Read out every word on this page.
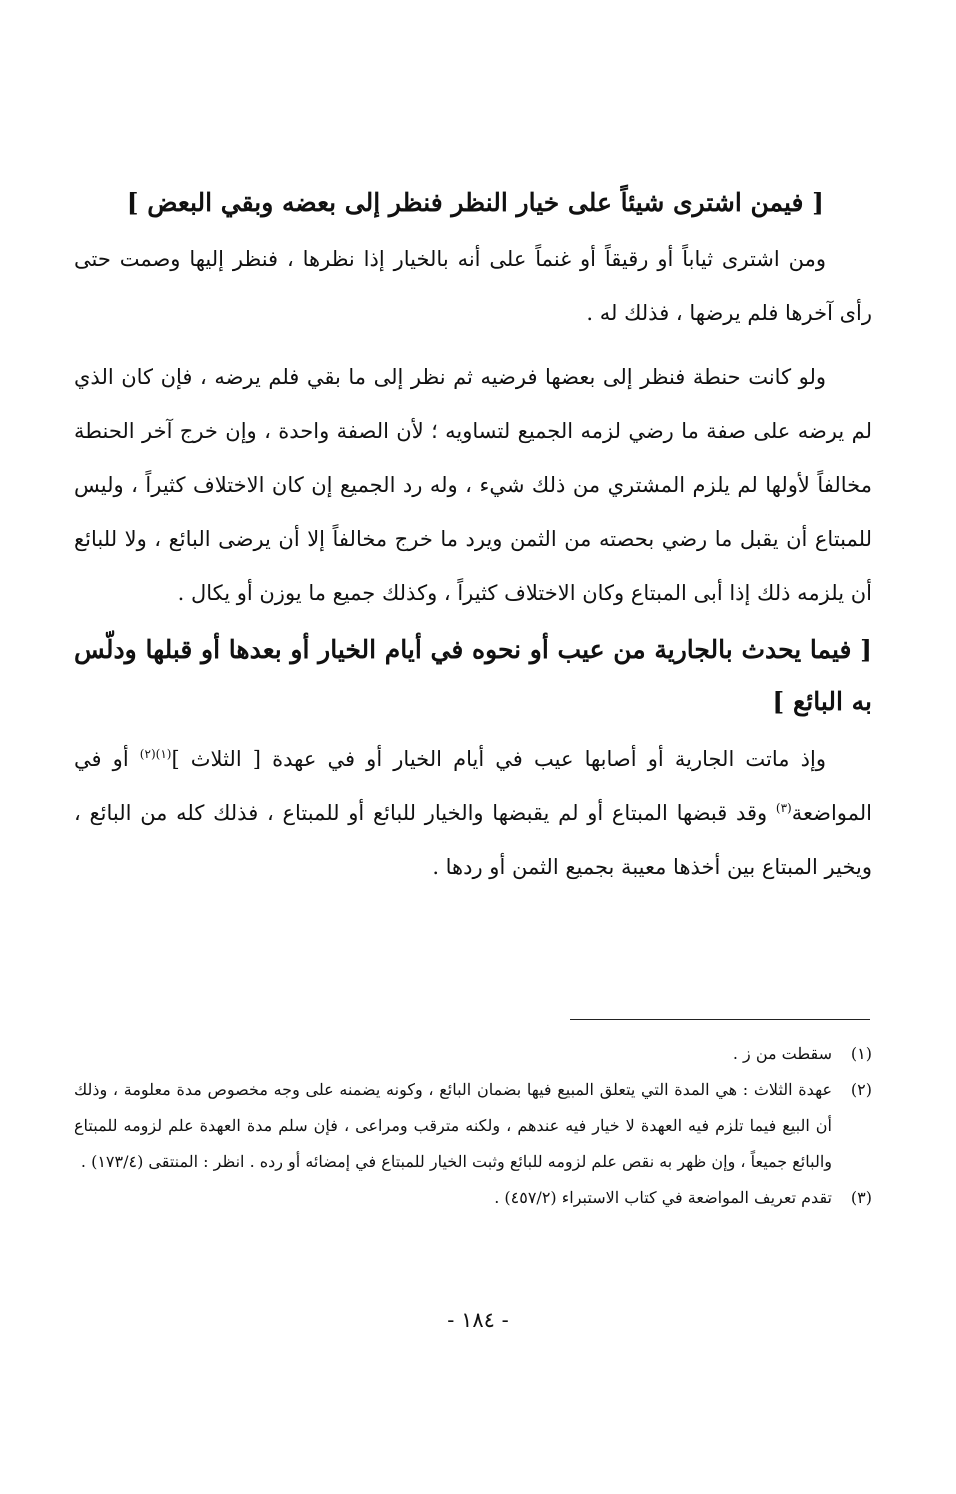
[ فيمن اشترى شيئاً على خيار النظر فنظر إلى بعضه وبقي البعض ]

ومن اشترى ثياباً أو رقيقاً أو غنماً على أنه بالخيار إذا نظرها ، فنظر إليها وصمت حتى رأى آخرها فلم يرضها ، فذلك له .

ولو كانت حنطة فنظر إلى بعضها فرضيه ثم نظر إلى ما بقي فلم يرضه ، فإن كان الذي لم يرضه على صفة ما رضي لزمه الجميع لتساويه ؛ لأن الصفة واحدة ، وإن خرج آخر الحنطة مخالفاً لأولها لم يلزم المشتري من ذلك شيء ، وله رد الجميع إن كان الاختلاف كثيراً ، وليس للمبتاع أن يقبل ما رضي بحصته من الثمن ويرد ما خرج مخالفاً إلا أن يرضى البائع ، ولا للبائع أن يلزمه ذلك إذا أبى المبتاع وكان الاختلاف كثيراً ، وكذلك جميع ما يوزن أو يكال .

[ فيما يحدث بالجارية من عيب أو نحوه في أيام الخيار أو بعدها أو قبلها ودلّس به البائع ]

وإذ ماتت الجارية أو أصابها عيب في أيام الخيار أو في عهدة [ الثلاث ]$^{(١)(٢)}$ أو في المواضعة$^{(٣)}$ وقد قبضها المبتاع أو لم يقبضها والخيار للبائع أو للمبتاع ، فذلك كله من البائع ، ويخير المبتاع بين أخذها معيبة بجميع الثمن أو ردها .

(١)
سقطت من ز .
(٢)
عهدة الثلاث : هي المدة التي يتعلق المبيع فيها بضمان البائع ، وكونه يضمنه على وجه مخصوص مدة معلومة ، وذلك أن البيع فيما تلزم فيه العهدة لا خيار فيه عندهم ، ولكنه مترقب ومراعى ، فإن سلم مدة العهدة علم لزومه للمبتاع والبائع جميعاً ، وإن ظهر به نقص علم لزومه للبائع وثبت الخيار للمبتاع في إمضائه أو رده . انظر : المنتقى (١٧٣/٤) .
(٣)
تقدم تعريف المواضعة في كتاب الاستبراء (٤٥٧/٢) .
- ١٨٤ -
